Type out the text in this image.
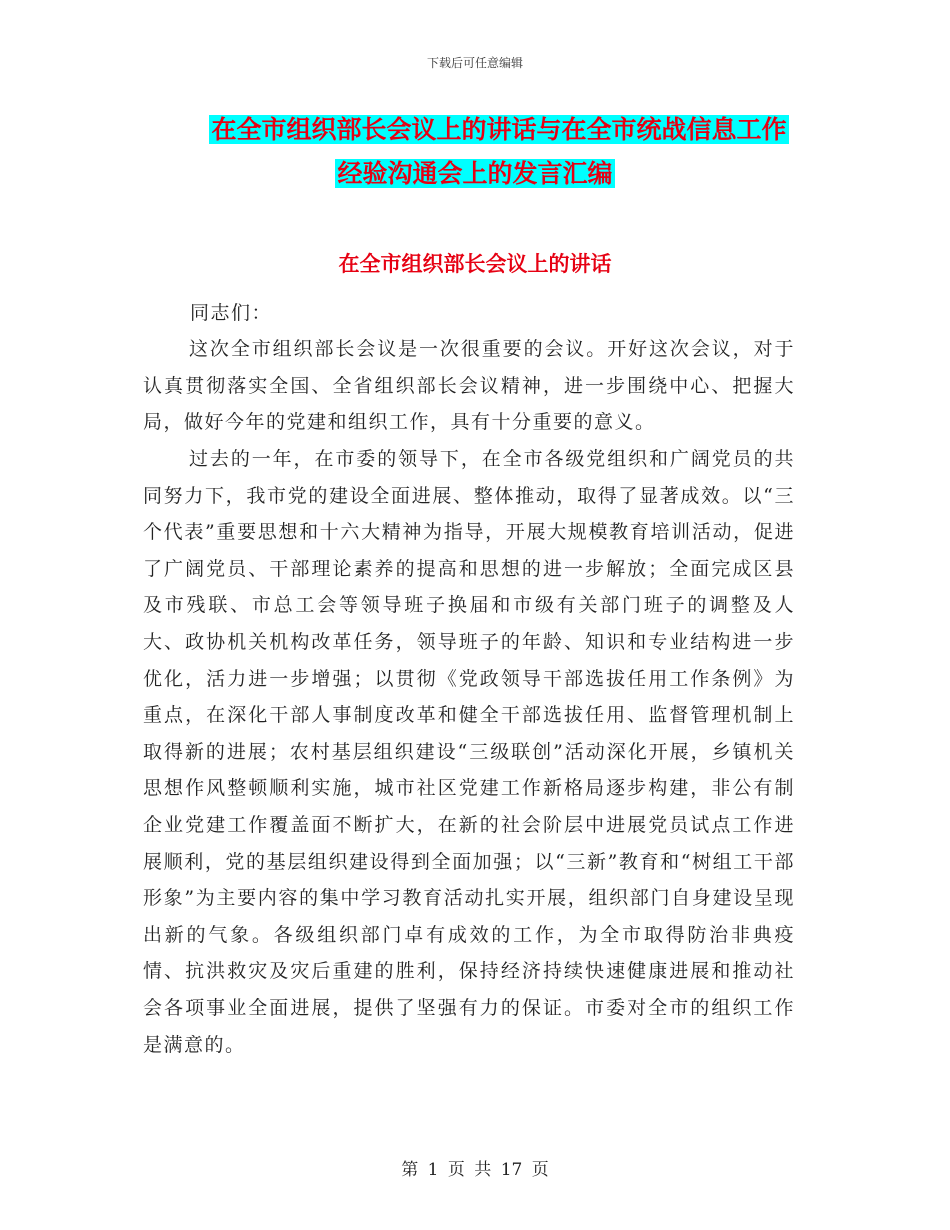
下载后可任意编辑
在全市组织部长会议上的讲话与在全市统战信息工作
经验沟通会上的发言汇编
在全市组织部长会议上的讲话

同志们：

这次全市组织部长会议是一次很重要的会议。开好这次会议，对于认真贯彻落实全国、全省组织部长会议精神，进一步围绕中心、把握大局，做好今年的党建和组织工作，具有十分重要的意义。

过去的一年，在市委的领导下，在全市各级党组织和广阔党员的共同努力下，我市党的建设全面进展、整体推动，取得了显著成效。以“三个代表”重要思想和十六大精神为指导，开展大规模教育培训活动，促进了广阔党员、干部理论素养的提高和思想的进一步解放；全面完成区县及市残联、市总工会等领导班子换届和市级有关部门班子的调整及人大、政协机关机构改革任务，领导班子的年龄、知识和专业结构进一步优化，活力进一步增强；以贯彻《党政领导干部选拔任用工作条例》为重点，在深化干部人事制度改革和健全干部选拔任用、监督管理机制上取得新的进展；农村基层组织建设“三级联创”活动深化开展，乡镇机关思想作风整顿顺利实施，城市社区党建工作新格局逐步构建，非公有制企业党建工作覆盖面不断扩大，在新的社会阶层中进展党员试点工作进展顺利，党的基层组织建设得到全面加强；以“三新”教育和“树组工干部形象”为主要内容的集中学习教育活动扎实开展，组织部门自身建设呈现出新的气象。各级组织部门卓有成效的工作，为全市取得防治非典疫情、抗洪救灾及灾后重建的胜利，保持经济持续快速健康进展和推动社会各项事业全面进展，提供了坚强有力的保证。市委对全市的组织工作是满意的。

第 1 页 共 17 页
